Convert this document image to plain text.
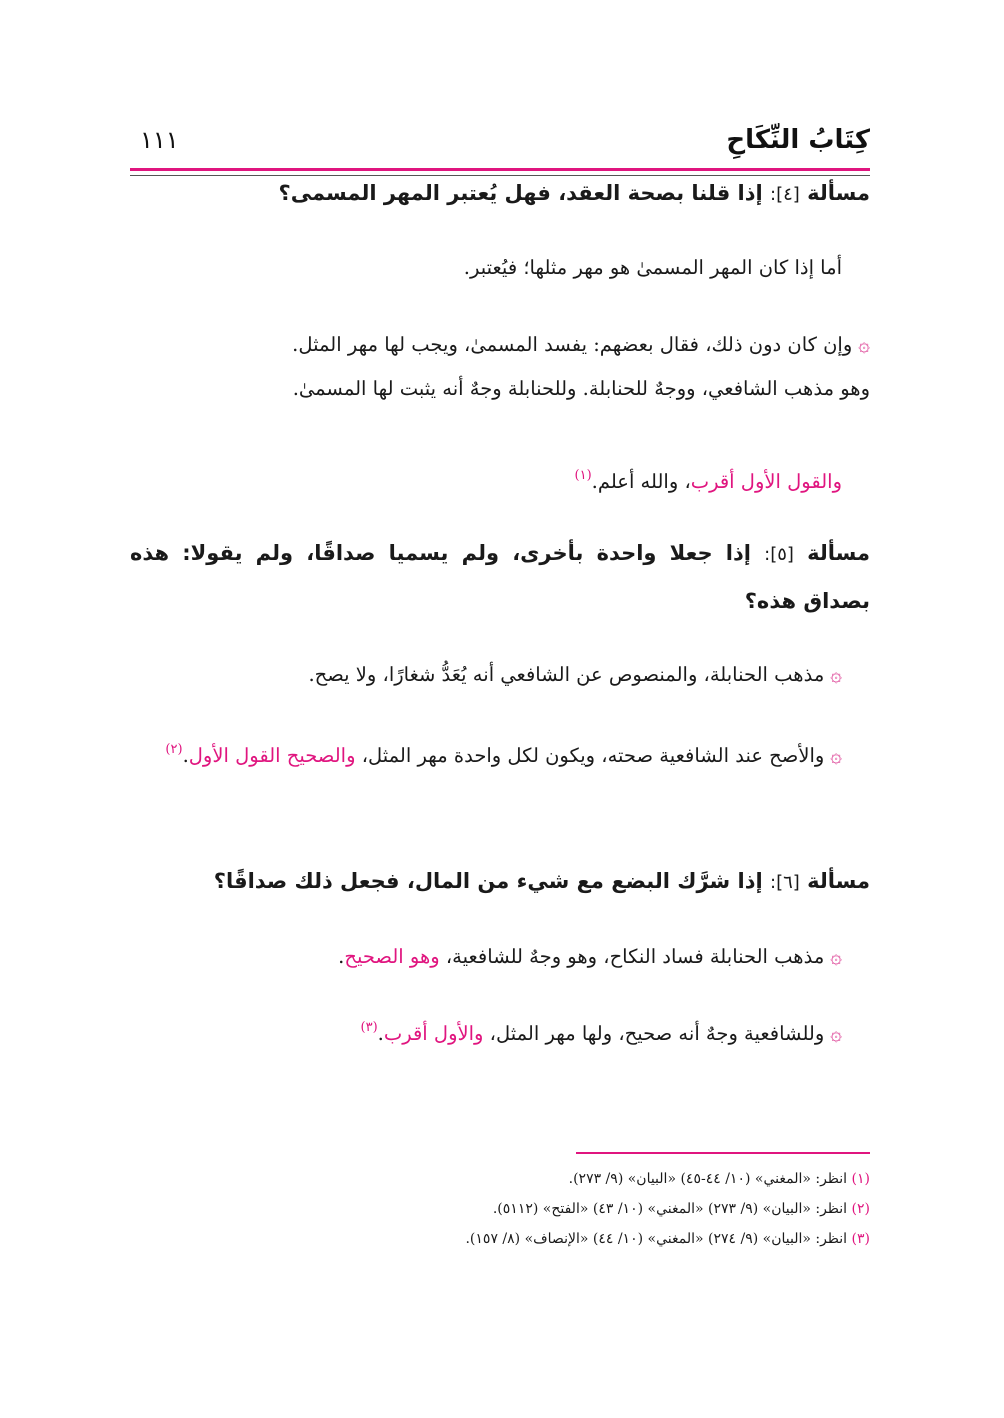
كِتَابُ النِّكَاحِ
١١١

مسألة [٤]: إذا قلنا بصحة العقد، فهل يُعتبر المهر المسمى؟

أما إذا كان المهر المسمىٰ هو مهر مثلها؛ فيُعتبر.

۞وإن كان دون ذلك، فقال بعضهم: يفسد المسمىٰ، ويجب لها مهر المثل.

وهو مذهب الشافعي، ووجهٌ للحنابلة. وللحنابلة وجهٌ أنه يثبت لها المسمىٰ.

والقول الأول أقرب، والله أعلم.$^{(١)}$

مسألة [٥]: إذا جعلا واحدة بأخرى، ولم يسميا صداقًا، ولم يقولا: هذه بصداق هذه؟

۞مذهب الحنابلة، والمنصوص عن الشافعي أنه يُعَدُّ شغارًا، ولا يصح.

۞والأصح عند الشافعية صحته، ويكون لكل واحدة مهر المثل، والصحيح القول الأول.$^{(٢)}$

مسألة [٦]: إذا شرَّك البضع مع شيء من المال، فجعل ذلك صداقًا؟

۞مذهب الحنابلة فساد النكاح، وهو وجهٌ للشافعية، وهو الصحيح.

۞وللشافعية وجهٌ أنه صحيح، ولها مهر المثل، والأول أقرب.$^{(٣)}$

(١) انظر: «المغني» (١٠/ ٤٤-٤٥) «البيان» (٩/ ٢٧٣).

(٢) انظر: «البيان» (٩/ ٢٧٣) «المغني» (١٠/ ٤٣) «الفتح» (٥١١٢).

(٣) انظر: «البيان» (٩/ ٢٧٤) «المغني» (١٠/ ٤٤) «الإنصاف» (٨/ ١٥٧).
